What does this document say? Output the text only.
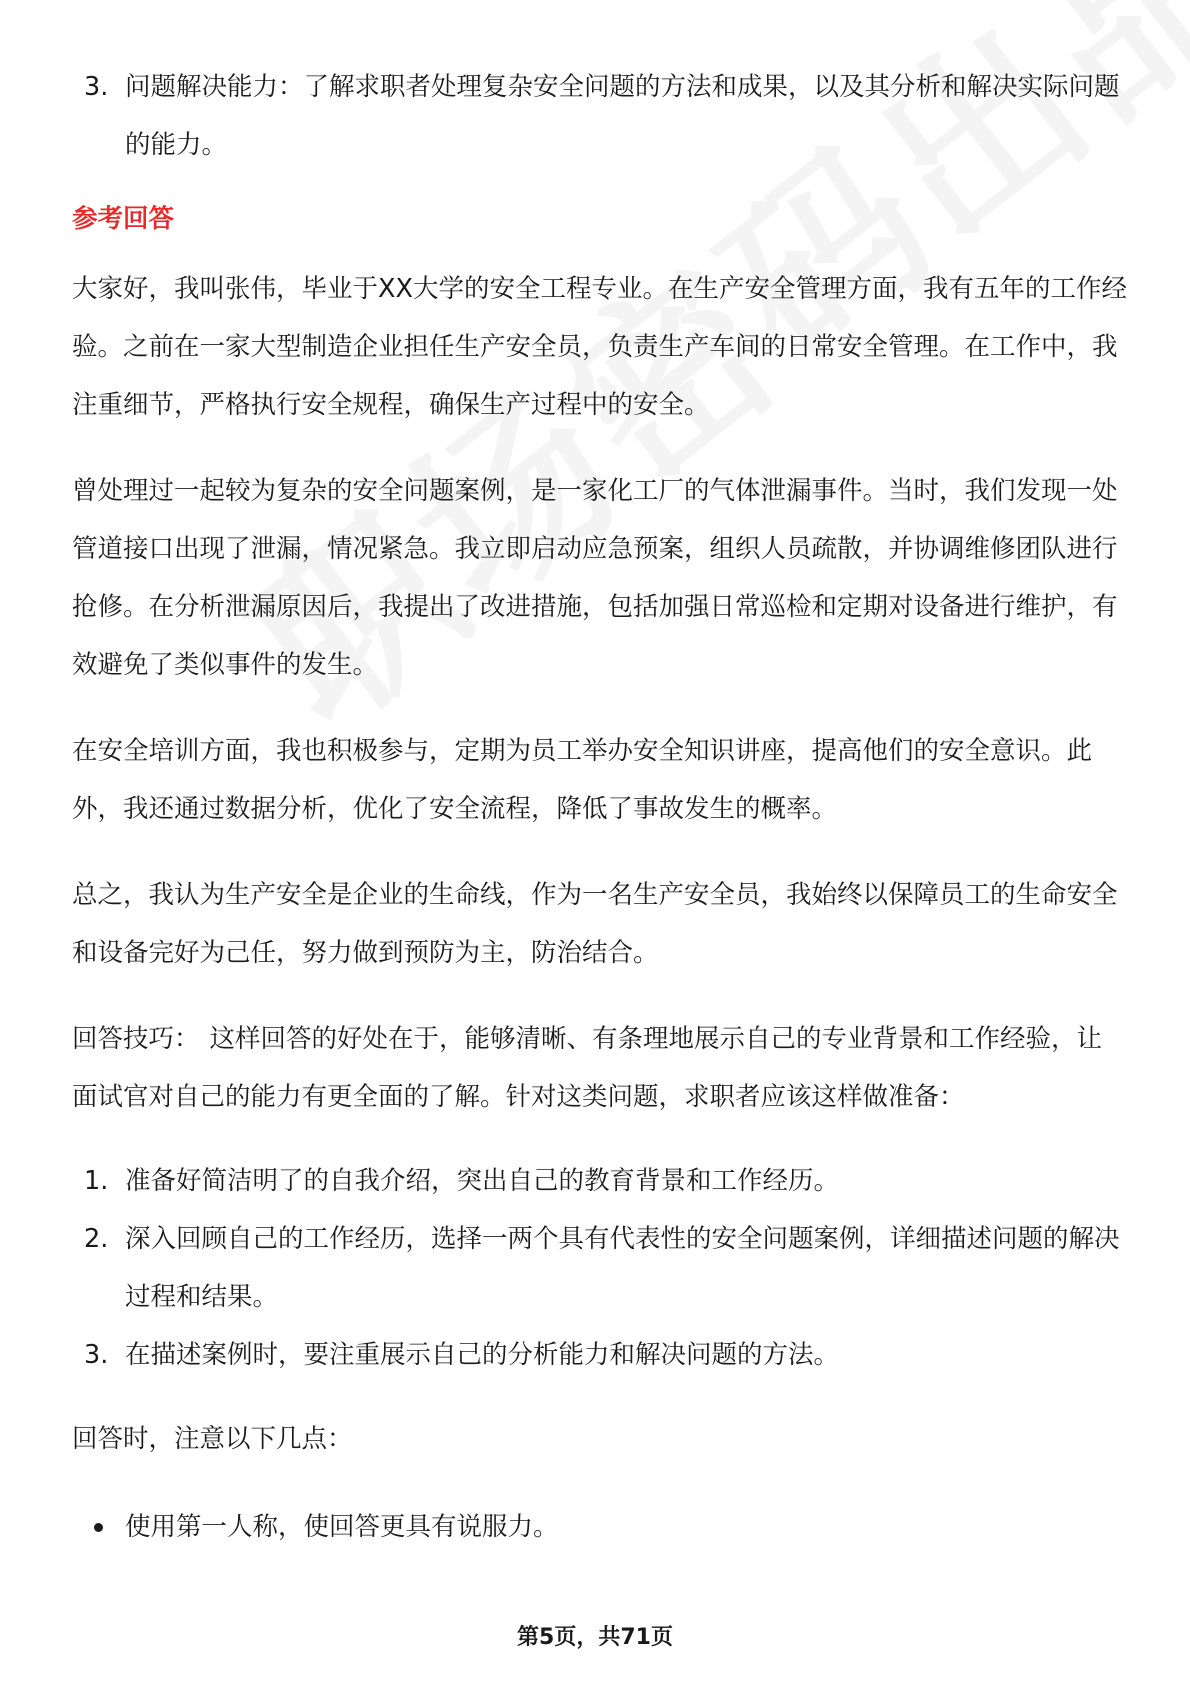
3. 问题解决能力：了解求职者处理复杂安全问题的方法和成果，以及其分析和解决实际问题的能力。
参考回答

大家好，我叫张伟，毕业于XX大学的安全工程专业。在生产安全管理方面，我有五年的工作经验。之前在一家大型制造企业担任生产安全员，负责生产车间的日常安全管理。在工作中，我注重细节，严格执行安全规程，确保生产过程中的安全。

曾处理过一起较为复杂的安全问题案例，是一家化工厂的气体泄漏事件。当时，我们发现一处管道接口出现了泄漏，情况紧急。我立即启动应急预案，组织人员疏散，并协调维修团队进行抢修。在分析泄漏原因后，我提出了改进措施，包括加强日常巡检和定期对设备进行维护，有效避免了类似事件的发生。

在安全培训方面，我也积极参与，定期为员工举办安全知识讲座，提高他们的安全意识。此外，我还通过数据分析，优化了安全流程，降低了事故发生的概率。

总之，我认为生产安全是企业的生命线，作为一名生产安全员，我始终以保障员工的生命安全和设备完好为己任，努力做到预防为主，防治结合。

回答技巧： 这样回答的好处在于，能够清晰、有条理地展示自己的专业背景和工作经验，让面试官对自己的能力有更全面的了解。针对这类问题，求职者应该这样做准备：

1. 准备好简洁明了的自我介绍，突出自己的教育背景和工作经历。
2. 深入回顾自己的工作经历，选择一两个具有代表性的安全问题案例，详细描述问题的解决过程和结果。
3. 在描述案例时，要注重展示自己的分析能力和解决问题的方法。
回答时，注意以下几点：
使用第一人称，使回答更具有说服力。
第5页，共71页
